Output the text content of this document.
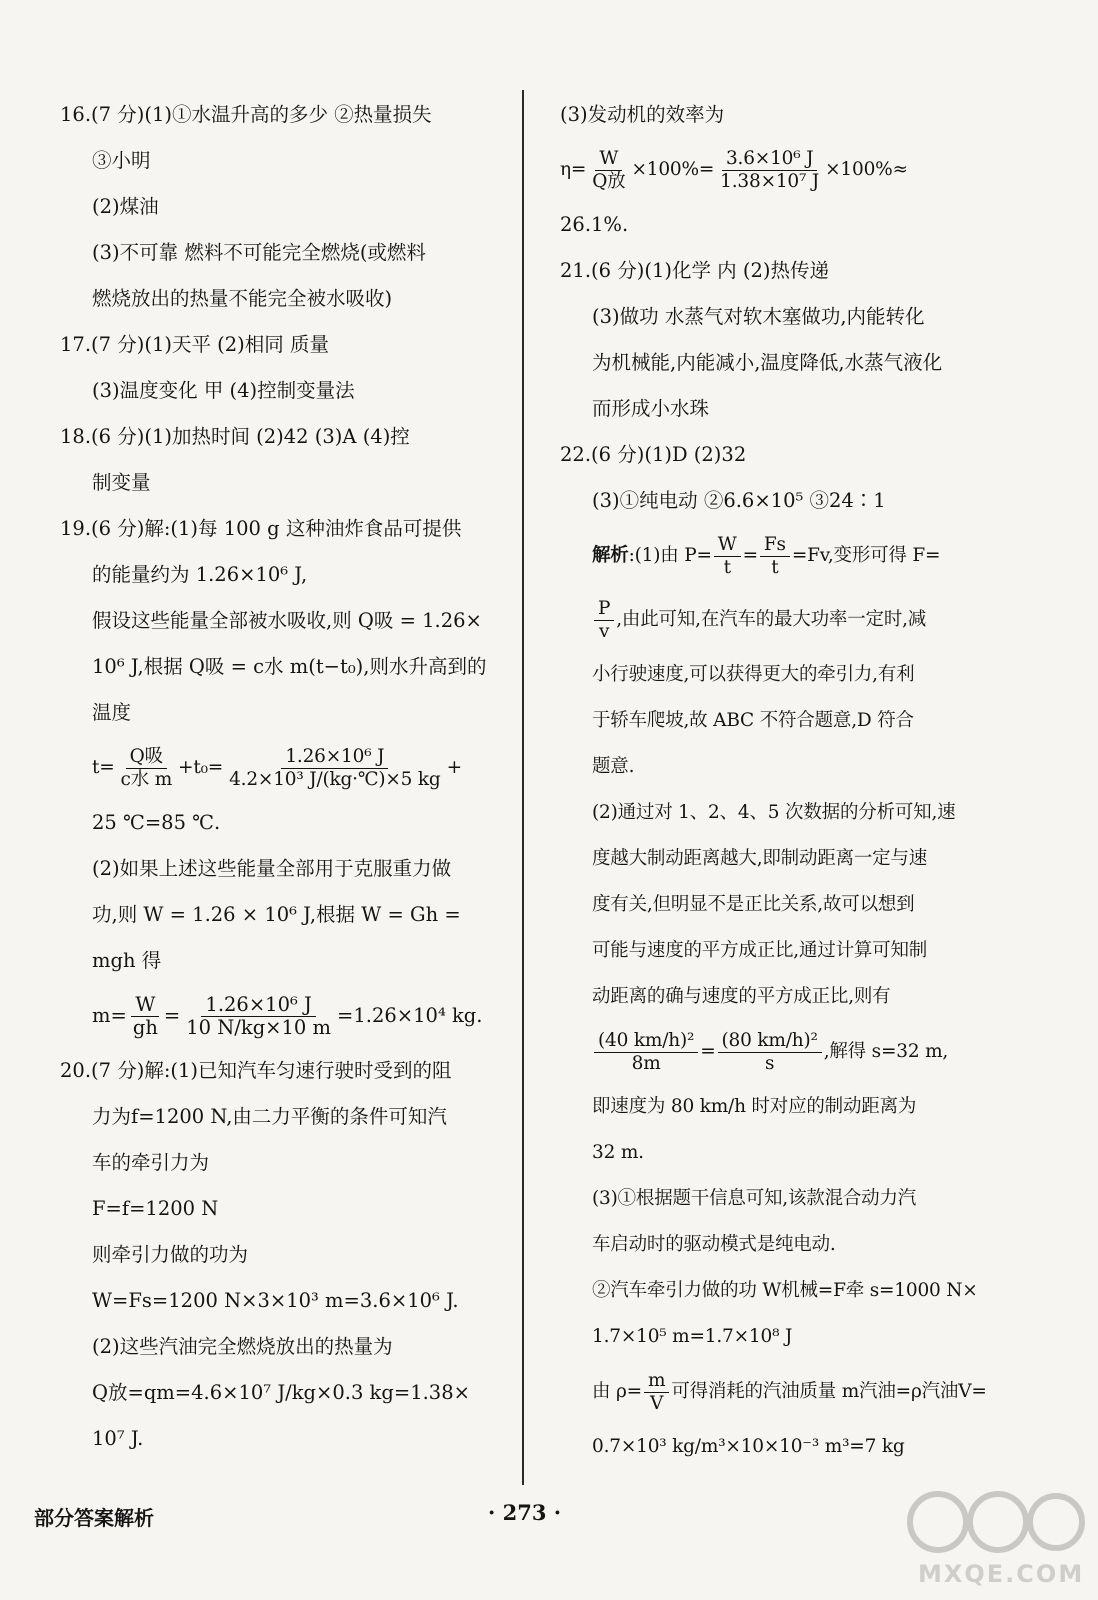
16.(7 分)(1)①水温升高的多少 ②热量损失
③小明
(2)煤油
(3)不可靠 燃料不可能完全燃烧(或燃料
燃烧放出的热量不能完全被水吸收)
17.(7 分)(1)天平 (2)相同 质量
(3)温度变化 甲 (4)控制变量法
18.(6 分)(1)加热时间 (2)42 (3)A (4)控
制变量
19.(6 分)解:(1)每 100 g 这种油炸食品可提供
的能量约为 1.26×10⁶ J,
假设这些能量全部被水吸收,则 Q吸 = 1.26×
10⁶ J,根据 Q吸 = c水 m(t−t₀),则水升高到的
温度
$t= \frac{\text{Q吸}}{\text{c水 m}} +t_0= \frac{\text{1.26×10⁶ J}}{\text{4.2×10³ J/(kg·℃)×5 kg}}$ +
25 ℃=85 ℃.
(2)如果上述这些能量全部用于克服重力做
功,则 W = 1.26 × 10⁶ J,根据 W = Gh =
mgh 得
$m= \frac{W}{gh} = \frac{\text{1.26×10⁶ J}}{10 N/kg\times 10 m} =1.26\times 10^4$ kg.
20.(7 分)解:(1)已知汽车匀速行驶时受到的阻
力为f=1200 N,由二力平衡的条件可知汽
车的牵引力为
F=f=1200 N
则牵引力做的功为
W=Fs=1200 N×3×10³ m=3.6×10⁶ J.
(2)这些汽油完全燃烧放出的热量为
Q放=qm=4.6×10⁷ J/kg×0.3 kg=1.38×
10⁷ J.
(3)发动机的效率为
$\eta= \frac{W}{\text{Q放}} \times 100\%= \frac{\text{3.6×10⁶ J}}{\text{1.38×10⁷ J}} \times 100\%\approx$
26.1%.
21.(6 分)(1)化学 内 (2)热传递
(3)做功 水蒸气对软木塞做功,内能转化
为机械能,内能减小,温度降低,水蒸气液化
而形成小水珠
22.(6 分)(1)D (2)32
(3)①纯电动 ②6.6×10⁵ ③24∶1
解析:(1)由 $P= \frac{W}{t} = \frac{Fs}{t} =Fv$,变形可得 F=
$\frac{P}{v}$ ,由此可知,在汽车的最大功率一定时,减
小行驶速度,可以获得更大的牵引力,有利
于轿车爬坡,故 ABC 不符合题意,D 符合
题意.
(2)通过对 1、2、4、5 次数据的分析可知,速
度越大制动距离越大,即制动距离一定与速
度有关,但明显不是正比关系,故可以想到
可能与速度的平方成正比,通过计算可知制
动距离的确与速度的平方成正比,则有
$\frac{\text{(40 km/h)²}}{8m} = \frac{\text{(80 km/h)²}}{s}$ ,解得 s=32 m,
即速度为 80 km/h 时对应的制动距离为
32 m.
(3)①根据题干信息可知,该款混合动力汽
车启动时的驱动模式是纯电动.
②汽车牵引力做的功 W机械=F牵 s=1000 N×
1.7×10⁵ m=1.7×10⁸ J
由 $\rho= \frac{m}{V}$ 可得消耗的汽油质量 m汽油=ρ汽油V=
0.7×10³ kg/m³×10×10⁻³ m³=7 kg
部分答案解析	· 273 ·
MXQE.COM
